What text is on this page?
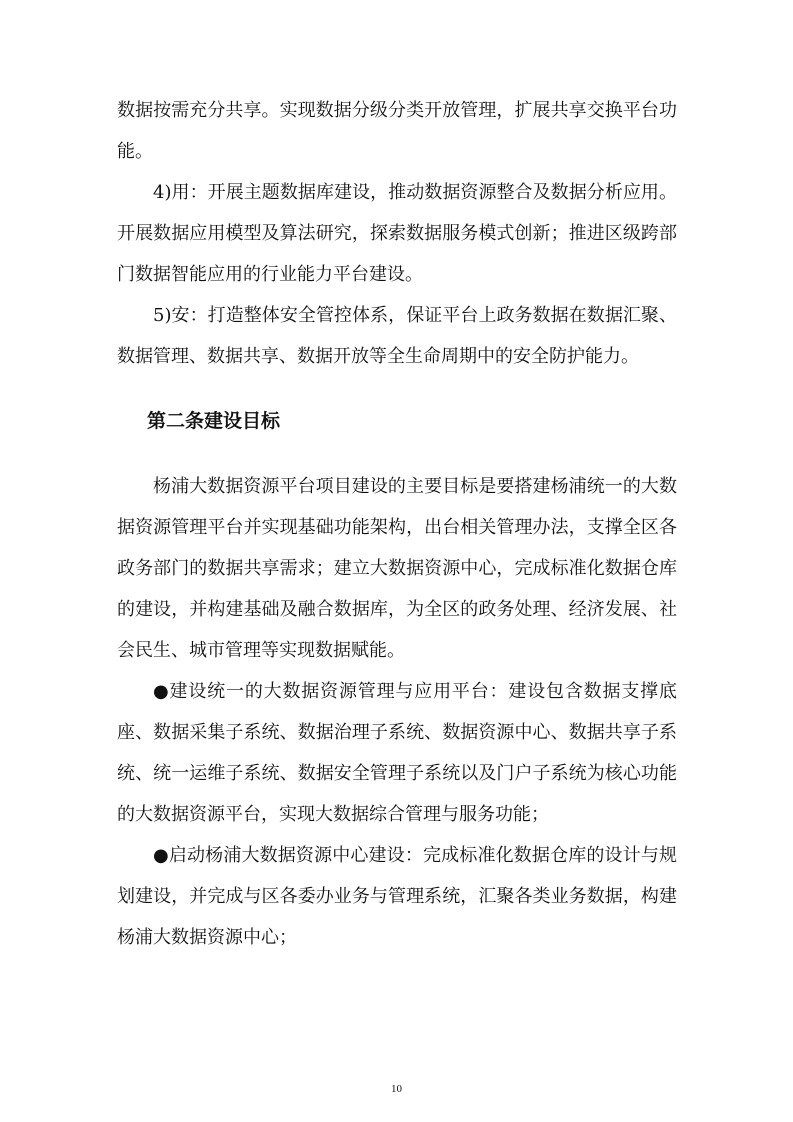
数据按需充分共享。实现数据分级分类开放管理，扩展共享交换平台功能。

4)用：开展主题数据库建设，推动数据资源整合及数据分析应用。开展数据应用模型及算法研究，探索数据服务模式创新；推进区级跨部门数据智能应用的行业能力平台建设。

5)安：打造整体安全管控体系，保证平台上政务数据在数据汇聚、数据管理、数据共享、数据开放等全生命周期中的安全防护能力。

第二条建设目标

杨浦大数据资源平台项目建设的主要目标是要搭建杨浦统一的大数据资源管理平台并实现基础功能架构，出台相关管理办法，支撑全区各政务部门的数据共享需求；建立大数据资源中心，完成标准化数据仓库的建设，并构建基础及融合数据库，为全区的政务处理、经济发展、社会民生、城市管理等实现数据赋能。

●建设统一的大数据资源管理与应用平台：建设包含数据支撑底座、数据采集子系统、数据治理子系统、数据资源中心、数据共享子系统、统一运维子系统、数据安全管理子系统以及门户子系统为核心功能的大数据资源平台，实现大数据综合管理与服务功能；

●启动杨浦大数据资源中心建设：完成标准化数据仓库的设计与规划建设，并完成与区各委办业务与管理系统，汇聚各类业务数据，构建杨浦大数据资源中心；

10
